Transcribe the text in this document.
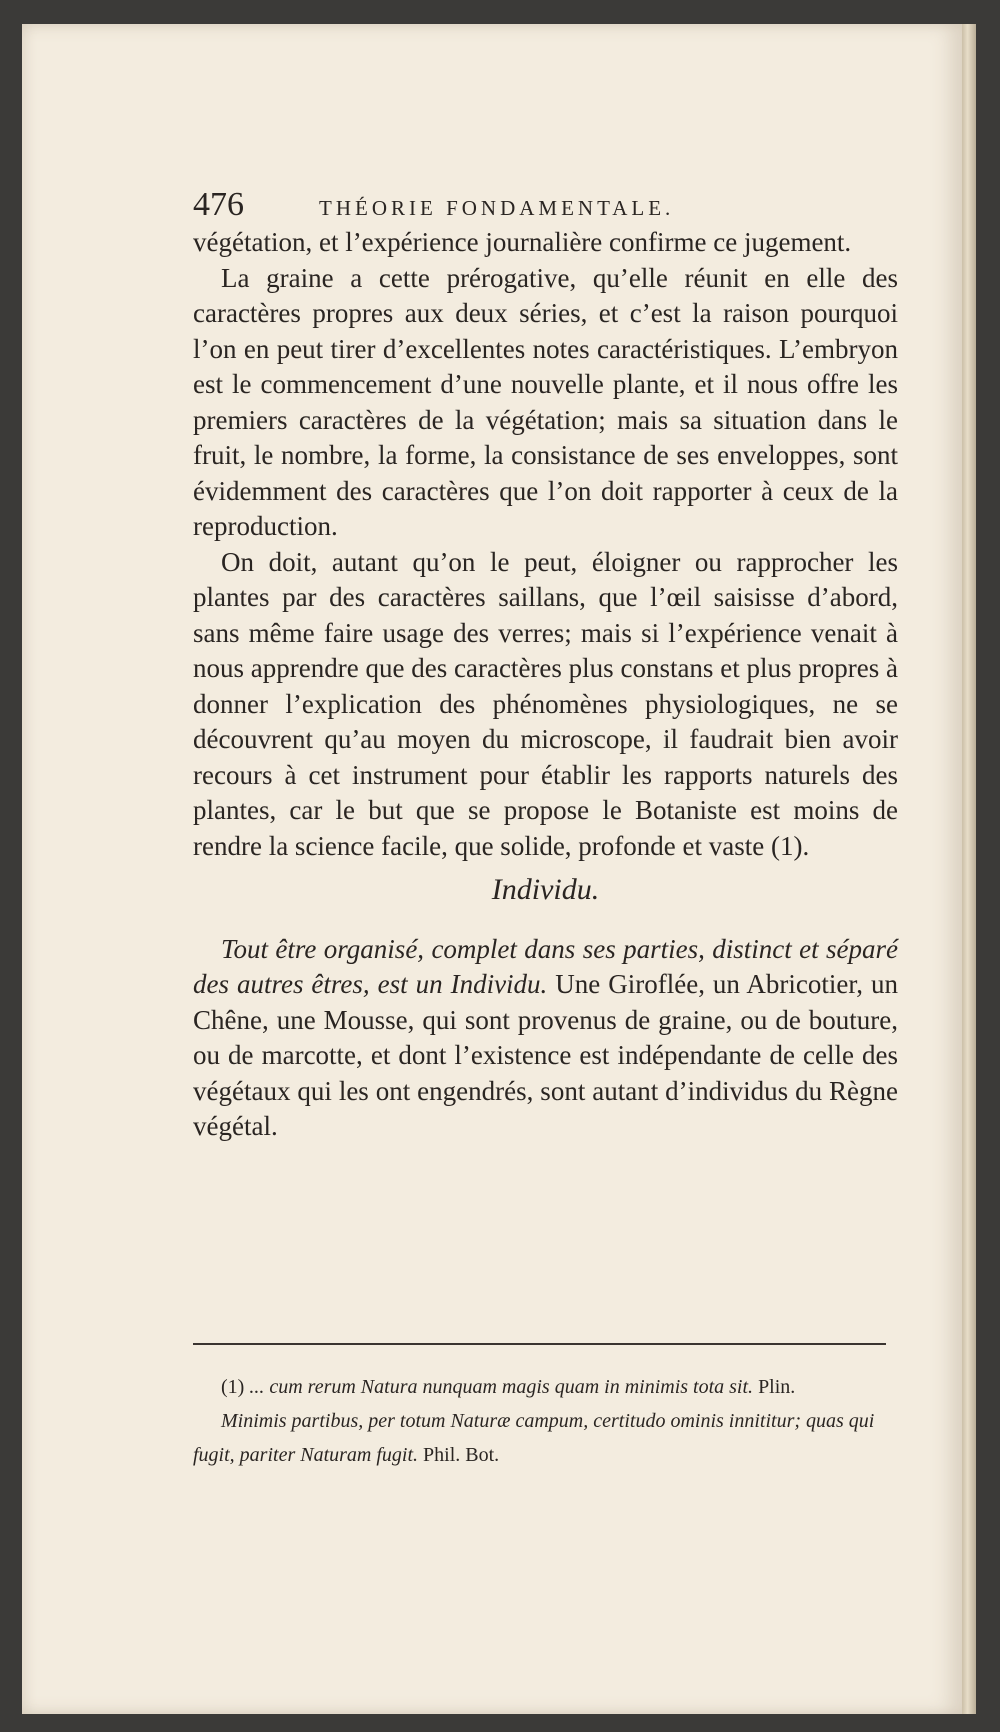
476	THÉORIE FONDAMENTALE.

végétation, et l’expérience journalière confirme ce jugement.

La graine a cette prérogative, qu’elle réunit en elle des caractères propres aux deux séries, et c’est la raison pourquoi l’on en peut tirer d’excellentes notes caractéristiques. L’embryon est le commencement d’une nouvelle plante, et il nous offre les premiers caractères de la végétation; mais sa situation dans le fruit, le nombre, la forme, la consistance de ses enveloppes, sont évidemment des caractères que l’on doit rapporter à ceux de la reproduction.

On doit, autant qu’on le peut, éloigner ou rapprocher les plantes par des caractères saillans, que l’œil saisisse d’abord, sans même faire usage des verres; mais si l’expérience venait à nous apprendre que des caractères plus constans et plus propres à donner l’explication des phénomènes physiologiques, ne se découvrent qu’au moyen du microscope, il faudrait bien avoir recours à cet instrument pour établir les rapports naturels des plantes, car le but que se propose le Botaniste est moins de rendre la science facile, que solide, profonde et vaste (1).

Individu.

Tout être organisé, complet dans ses parties, distinct et séparé des autres êtres, est un Individu. Une Giroflée, un Abricotier, un Chêne, une Mousse, qui sont provenus de graine, ou de bouture, ou de marcotte, et dont l’existence est indépendante de celle des végétaux qui les ont engendrés, sont autant d’individus du Règne végétal.

(1) ... cum rerum Natura nunquam magis quam in minimis tota sit. Plin.

Minimis partibus, per totum Naturæ campum, certitudo ominis innititur; quas qui fugit, pariter Naturam fugit. Phil. Bot.
